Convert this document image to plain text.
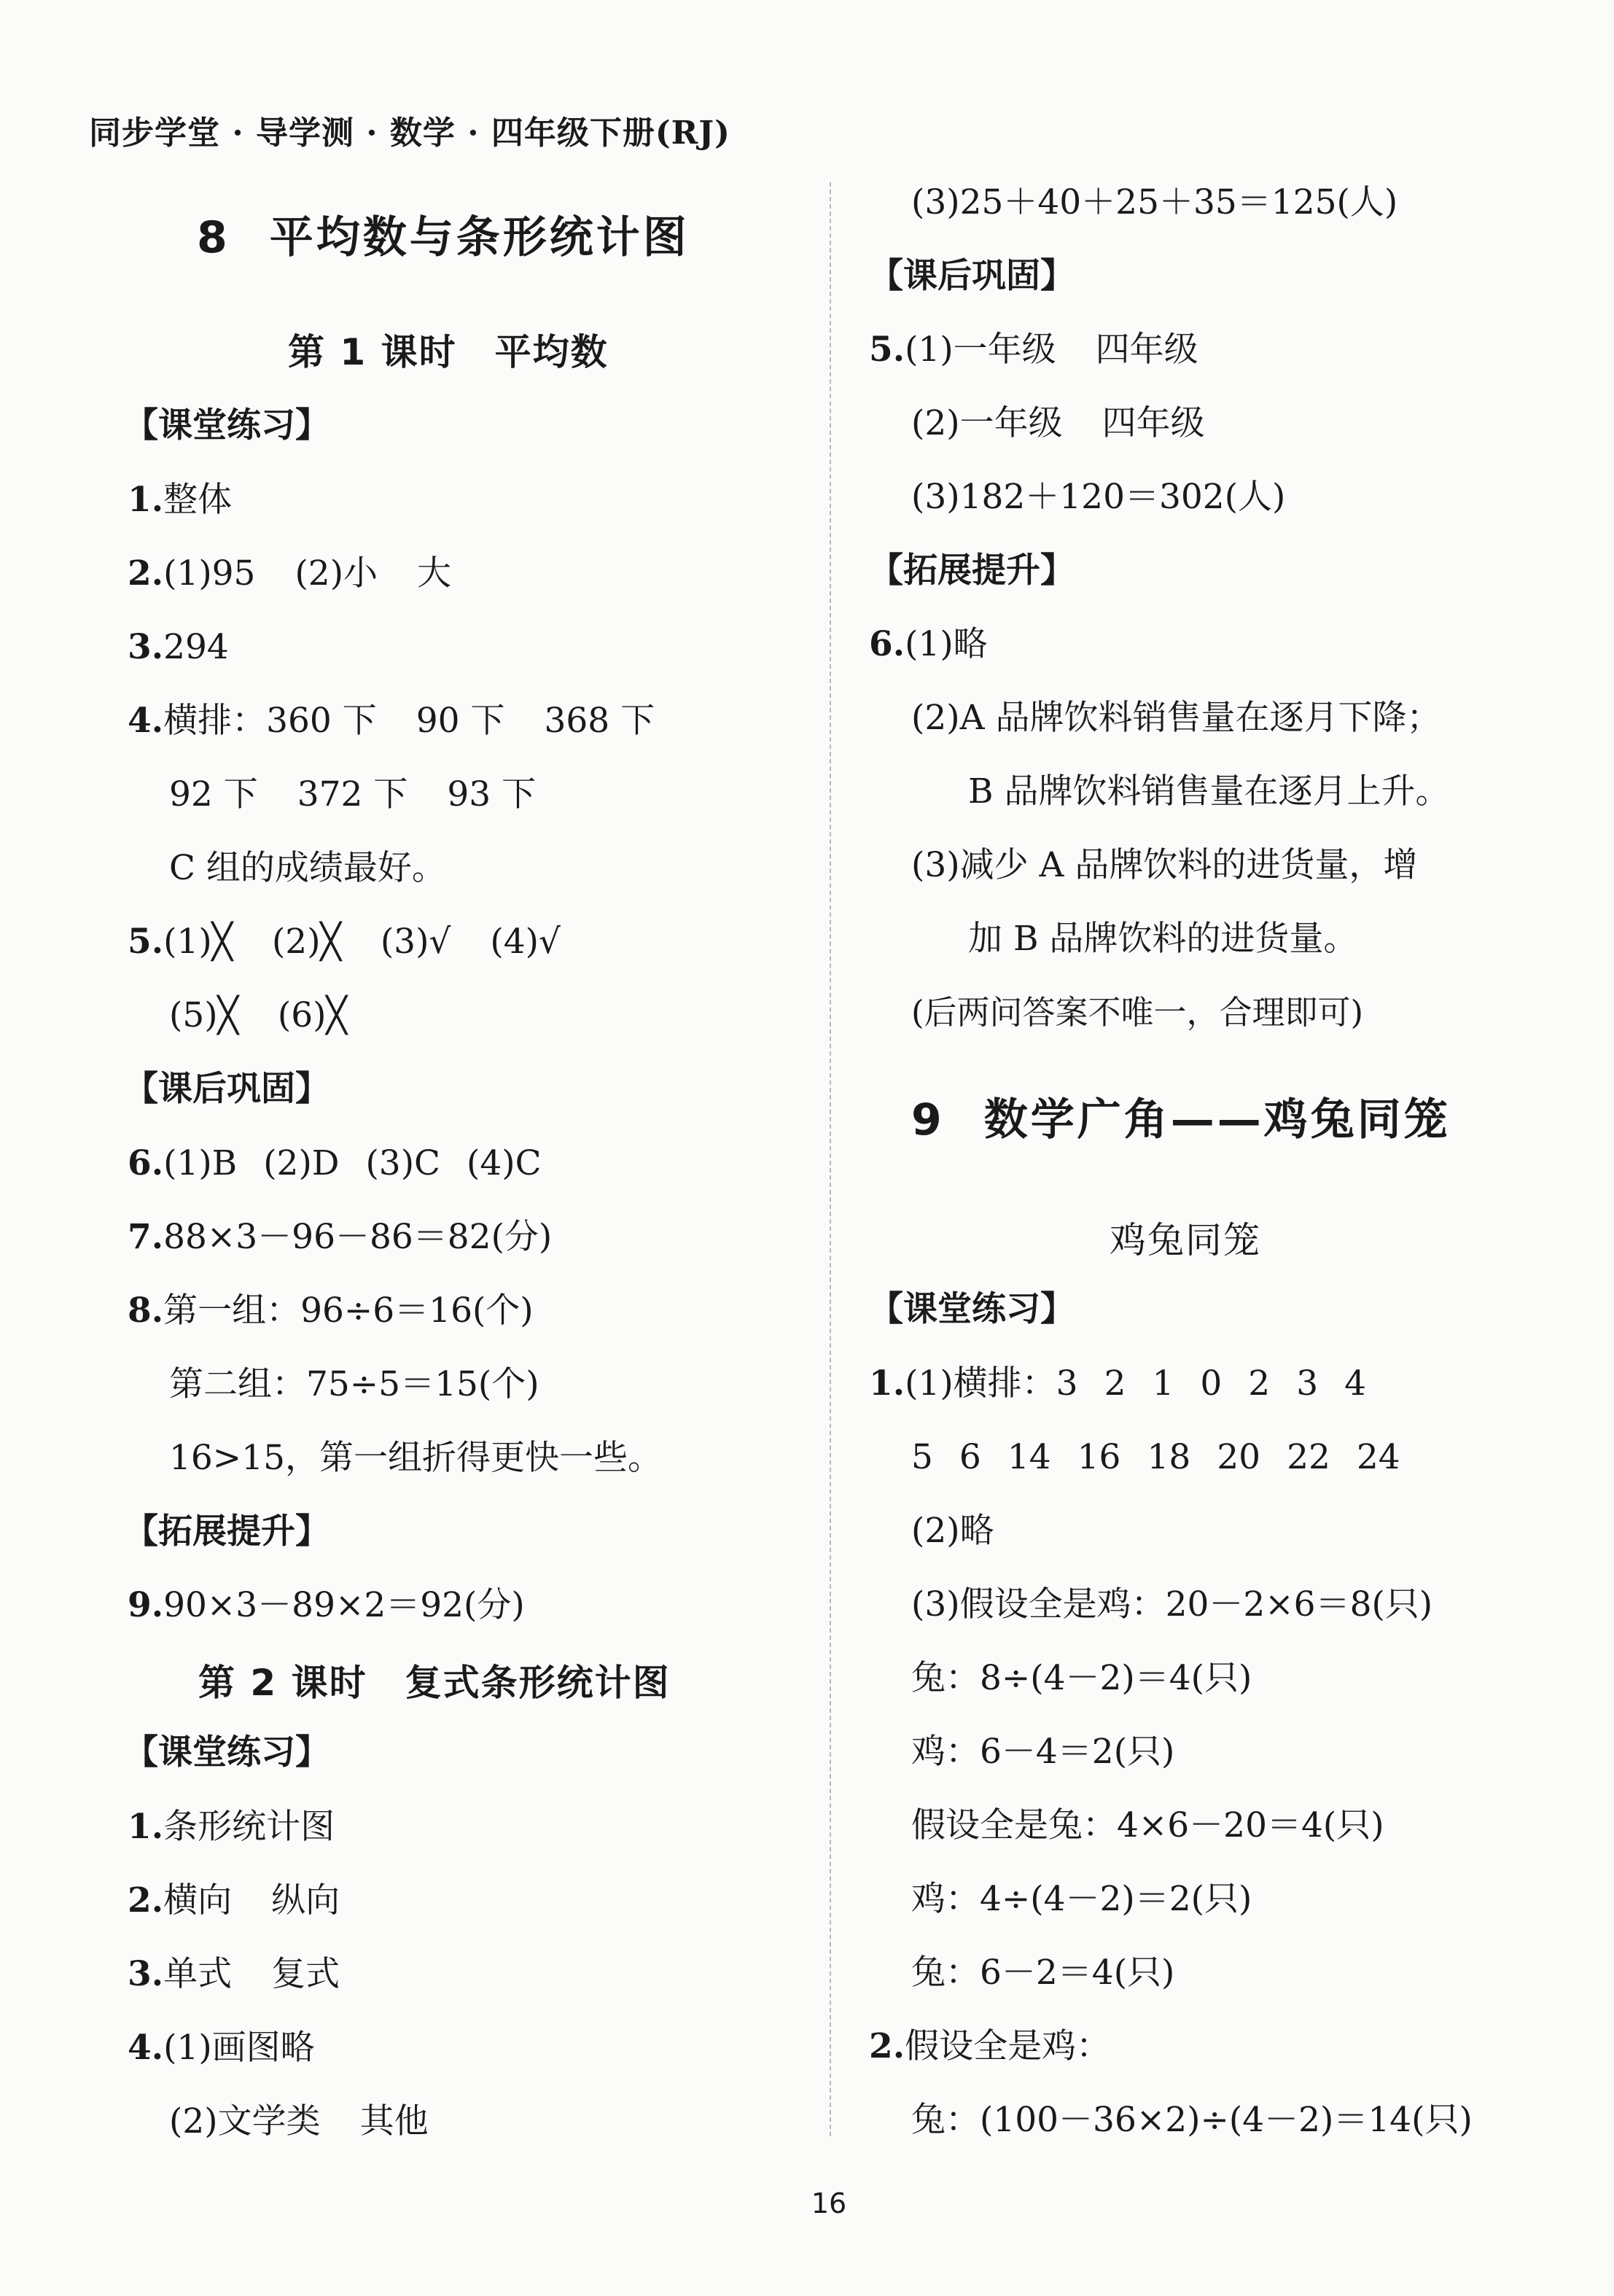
同步学堂 · 导学测 · 数学 · 四年级下册(RJ)
8 平均数与条形统计图
第 1 课时　平均数
【课堂练习】
1.整体
2.(1)95 (2)小 大
3.294
4.横排：360 下 90 下 368 下
92 下 372 下 93 下
C 组的成绩最好。
5.(1)╳ (2)╳ (3)√ (4)√
(5)╳ (6)╳
【课后巩固】
6.(1)B (2)D (3)C (4)C
7.88×3－96－86＝82(分)
8.第一组：96÷6＝16(个)
第二组：75÷5＝15(个)
16>15，第一组折得更快一些。
【拓展提升】
9.90×3－89×2＝92(分)
第 2 课时　复式条形统计图
【课堂练习】
1.条形统计图
2.横向 纵向
3.单式 复式
4.(1)画图略
(2)文学类 其他
(3)25＋40＋25＋35＝125(人)
【课后巩固】
5.(1)一年级 四年级
(2)一年级 四年级
(3)182＋120＝302(人)
【拓展提升】
6.(1)略
(2)A 品牌饮料销售量在逐月下降；
B 品牌饮料销售量在逐月上升。
(3)减少 A 品牌饮料的进货量，增
加 B 品牌饮料的进货量。
(后两问答案不唯一，合理即可)
9 数学广角——鸡兔同笼
鸡兔同笼
【课堂练习】
1.(1)横排：3 2 1 0 2 3 4
5 6 14 16 18 20 22 24
(2)略
(3)假设全是鸡：20－2×6＝8(只)
兔：8÷(4－2)＝4(只)
鸡：6－4＝2(只)
假设全是兔：4×6－20＝4(只)
鸡：4÷(4－2)＝2(只)
兔：6－2＝4(只)
2.假设全是鸡：
兔：(100－36×2)÷(4－2)＝14(只)
16
